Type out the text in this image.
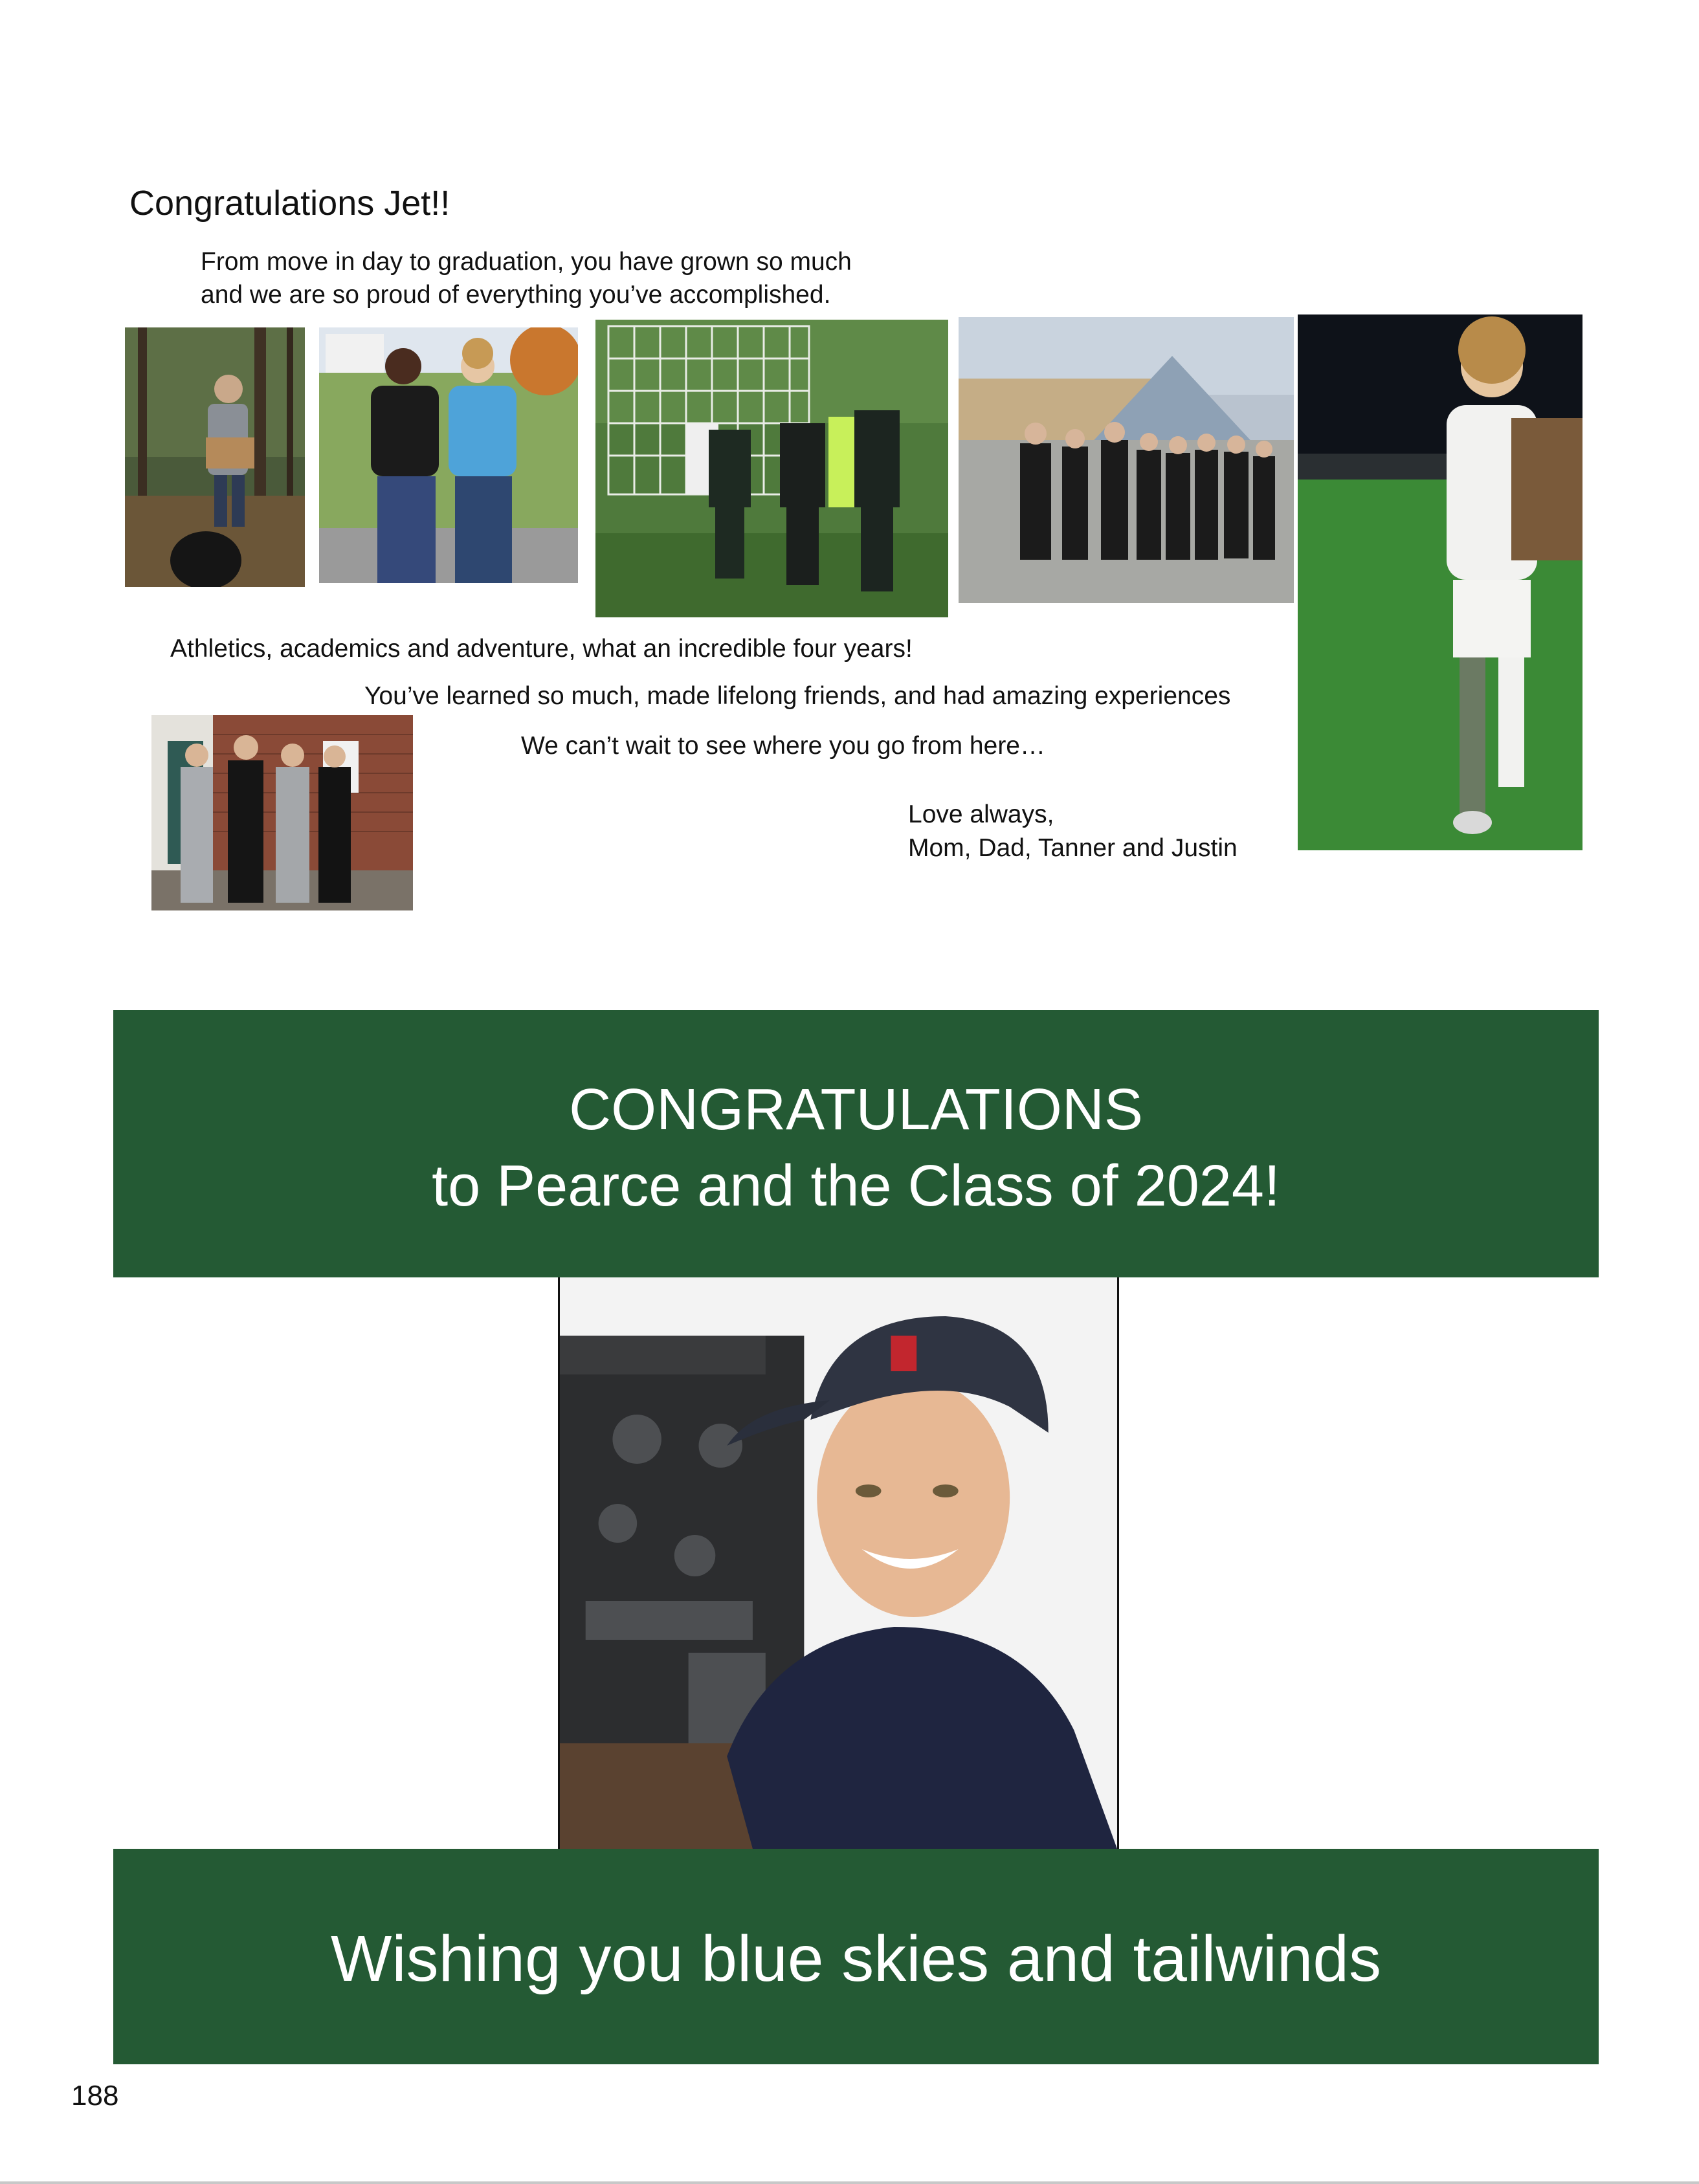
Congratulations Jet!!
From move in day to graduation, you have grown so much
and we are so proud of everything you’ve accomplished.
Athletics, academics and adventure, what an incredible four years!
You’ve learned so much, made lifelong friends, and had amazing experiences
We can’t wait to see where you go from here…
Love always,
Mom, Dad, Tanner and Justin
CONGRATULATIONS
to Pearce and the Class of 2024!
Wishing you blue skies and tailwinds
188
